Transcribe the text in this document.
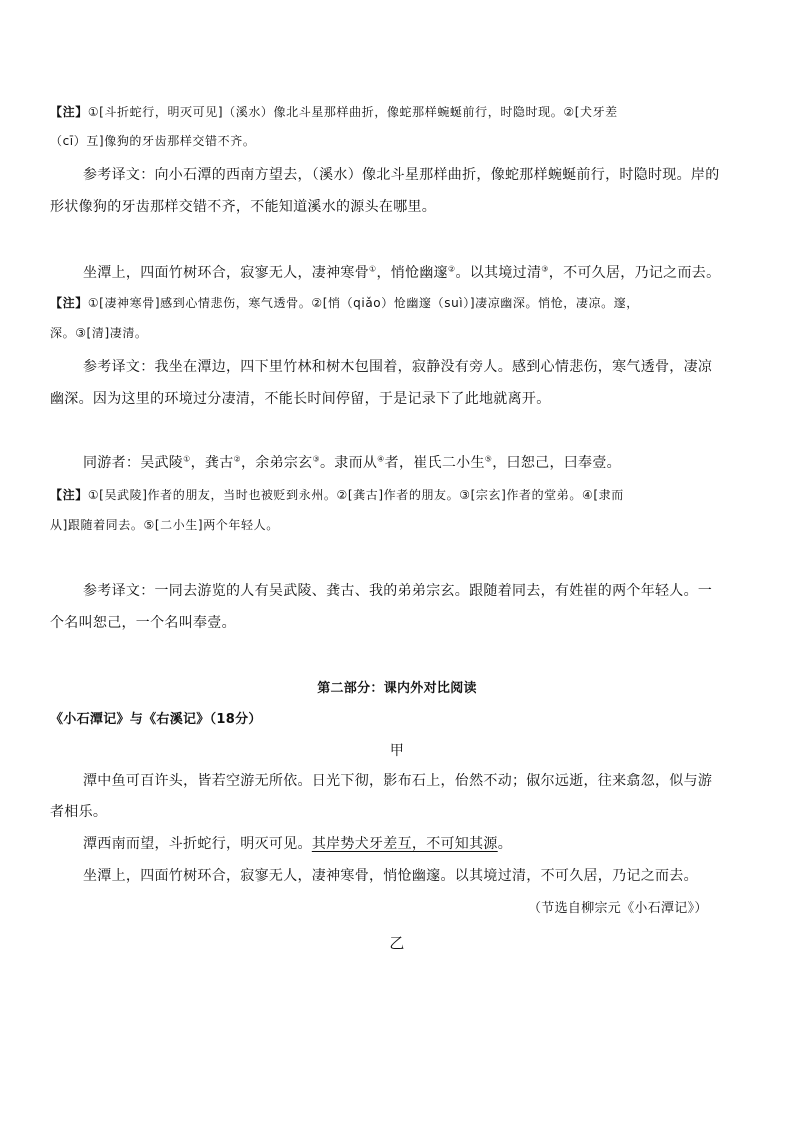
【注】①[斗折蛇行，明灭可见]（溪水）像北斗星那样曲折，像蛇那样蜿蜒前行，时隐时现。②[犬牙差
（cī）互]像狗的牙齿那样交错不齐。
参考译文：向小石潭的西南方望去，（溪水）像北斗星那样曲折，像蛇那样蜿蜒前行，时隐时现。岸的
形状像狗的牙齿那样交错不齐，不能知道溪水的源头在哪里。
坐潭上，四面竹树环合，寂寥无人，凄神寒骨①，悄怆幽邃②。以其境过清③，不可久居，乃记之而去。
【注】①[凄神寒骨]感到心情悲伤，寒气透骨。②[悄（qiǎo）怆幽邃（suì）]凄凉幽深。悄怆，凄凉。邃，
深。③[清]凄清。
参考译文：我坐在潭边，四下里竹林和树木包围着，寂静没有旁人。感到心情悲伤，寒气透骨，凄凉
幽深。因为这里的环境过分凄清，不能长时间停留，于是记录下了此地就离开。
同游者：吴武陵①，龚古②，余弟宗玄③。隶而从④者，崔氏二小生⑤，曰恕己，曰奉壹。
【注】①[吴武陵]作者的朋友，当时也被贬到永州。②[龚古]作者的朋友。③[宗玄]作者的堂弟。④[隶而
从]跟随着同去。⑤[二小生]两个年轻人。
参考译文：一同去游览的人有吴武陵、龚古、我的弟弟宗玄。跟随着同去，有姓崔的两个年轻人。一
个名叫恕己，一个名叫奉壹。
第二部分：课内外对比阅读
《小石潭记》与《右溪记》（18分）
甲
潭中鱼可百许头，皆若空游无所依。日光下彻，影布石上，佁然不动；俶尔远逝，往来翕忽，似与游
者相乐。
潭西南而望，斗折蛇行，明灭可见。其岸势犬牙差互，不可知其源。
坐潭上，四面竹树环合，寂寥无人，凄神寒骨，悄怆幽邃。以其境过清，不可久居，乃记之而去。
（节选自柳宗元《小石潭记》）
乙
